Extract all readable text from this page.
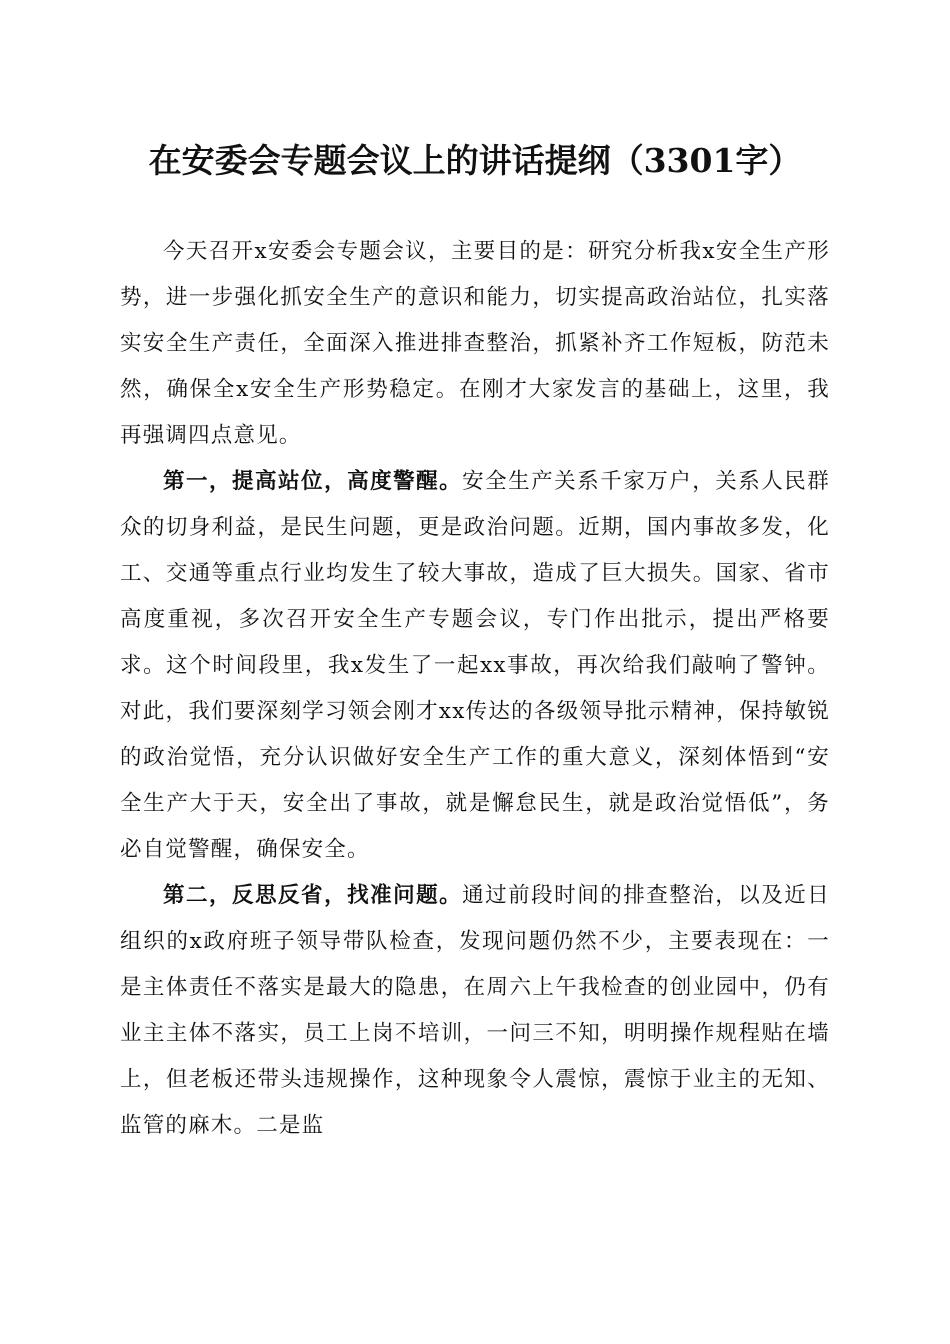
在安委会专题会议上的讲话提纲（3301字）

今天召开x安委会专题会议，主要目的是：研究分析我x安全生产形势，进一步强化抓安全生产的意识和能力，切实提高政治站位，扎实落实安全生产责任，全面深入推进排查整治，抓紧补齐工作短板，防范未然，确保全x安全生产形势稳定。在刚才大家发言的基础上，这里，我再强调四点意见。

第一，提高站位，高度警醒。安全生产关系千家万户，关系人民群众的切身利益，是民生问题，更是政治问题。近期，国内事故多发，化工、交通等重点行业均发生了较大事故，造成了巨大损失。国家、省市高度重视，多次召开安全生产专题会议，专门作出批示，提出严格要求。这个时间段里，我x发生了一起xx事故，再次给我们敲响了警钟。对此，我们要深刻学习领会刚才xx传达的各级领导批示精神，保持敏锐的政治觉悟，充分认识做好安全生产工作的重大意义，深刻体悟到“安全生产大于天，安全出了事故，就是懈怠民生，就是政治觉悟低”，务必自觉警醒，确保安全。

第二，反思反省，找准问题。通过前段时间的排查整治，以及近日组织的x政府班子领导带队检查，发现问题仍然不少，主要表现在：一是主体责任不落实是最大的隐患，在周六上午我检查的创业园中，仍有业主主体不落实，员工上岗不培训，一问三不知，明明操作规程贴在墙上，但老板还带头违规操作，这种现象令人震惊，震惊于业主的无知、监管的麻木。二是监
